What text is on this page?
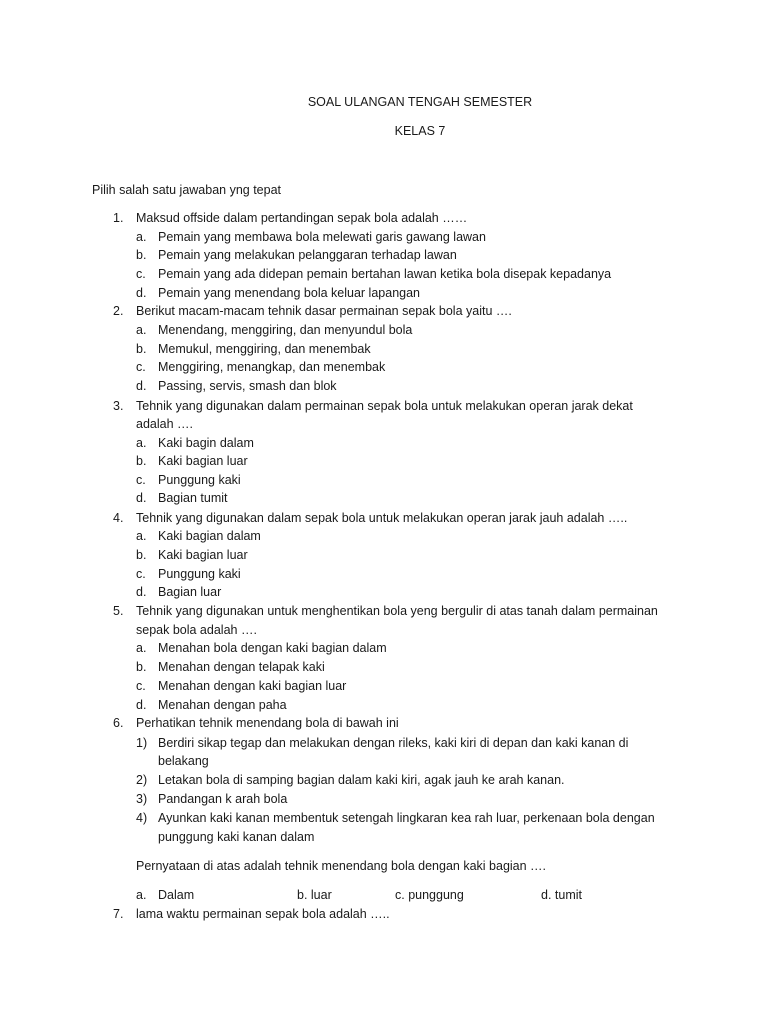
SOAL ULANGAN TENGAH SEMESTER
KELAS 7
Pilih salah satu jawaban yng tepat
1. Maksud offside dalam pertandingan sepak bola adalah ……
a. Pemain yang membawa bola melewati garis gawang lawan
b. Pemain yang melakukan pelanggaran terhadap lawan
c. Pemain yang ada didepan pemain bertahan lawan ketika bola disepak kepadanya
d. Pemain yang menendang bola keluar lapangan
2. Berikut macam-macam tehnik dasar permainan sepak bola yaitu ….
a. Menendang, menggiring, dan menyundul bola
b. Memukul, menggiring, dan menembak
c. Menggiring, menangkap, dan menembak
d. Passing, servis, smash dan blok
3. Tehnik yang digunakan dalam permainan sepak bola untuk melakukan operan jarak dekat
adalah ….
a. Kaki bagin dalam
b. Kaki bagian luar
c. Punggung kaki
d. Bagian tumit
4. Tehnik yang digunakan dalam sepak bola untuk melakukan operan jarak jauh adalah …..
a. Kaki bagian dalam
b. Kaki bagian luar
c. Punggung kaki
d. Bagian luar
5. Tehnik yang digunakan untuk menghentikan bola yeng bergulir di atas tanah dalam permainan
sepak bola adalah ….
a. Menahan bola dengan kaki bagian dalam
b. Menahan dengan telapak kaki
c. Menahan dengan kaki bagian luar
d. Menahan dengan paha
6. Perhatikan tehnik menendang bola di bawah ini
1) Berdiri sikap tegap dan melakukan dengan rileks, kaki kiri di depan dan kaki kanan di
belakang
2) Letakan bola di samping bagian dalam kaki kiri, agak jauh ke arah kanan.
3) Pandangan k arah bola
4) Ayunkan kaki kanan membentuk setengah lingkaran kea rah luar, perkenaan bola dengan
punggung kaki kanan dalam
Pernyataan di atas adalah tehnik menendang bola dengan kaki bagian ….
a. Dalam	b. luar	c. punggung	d. tumit
7. lama waktu permainan sepak bola adalah …..
